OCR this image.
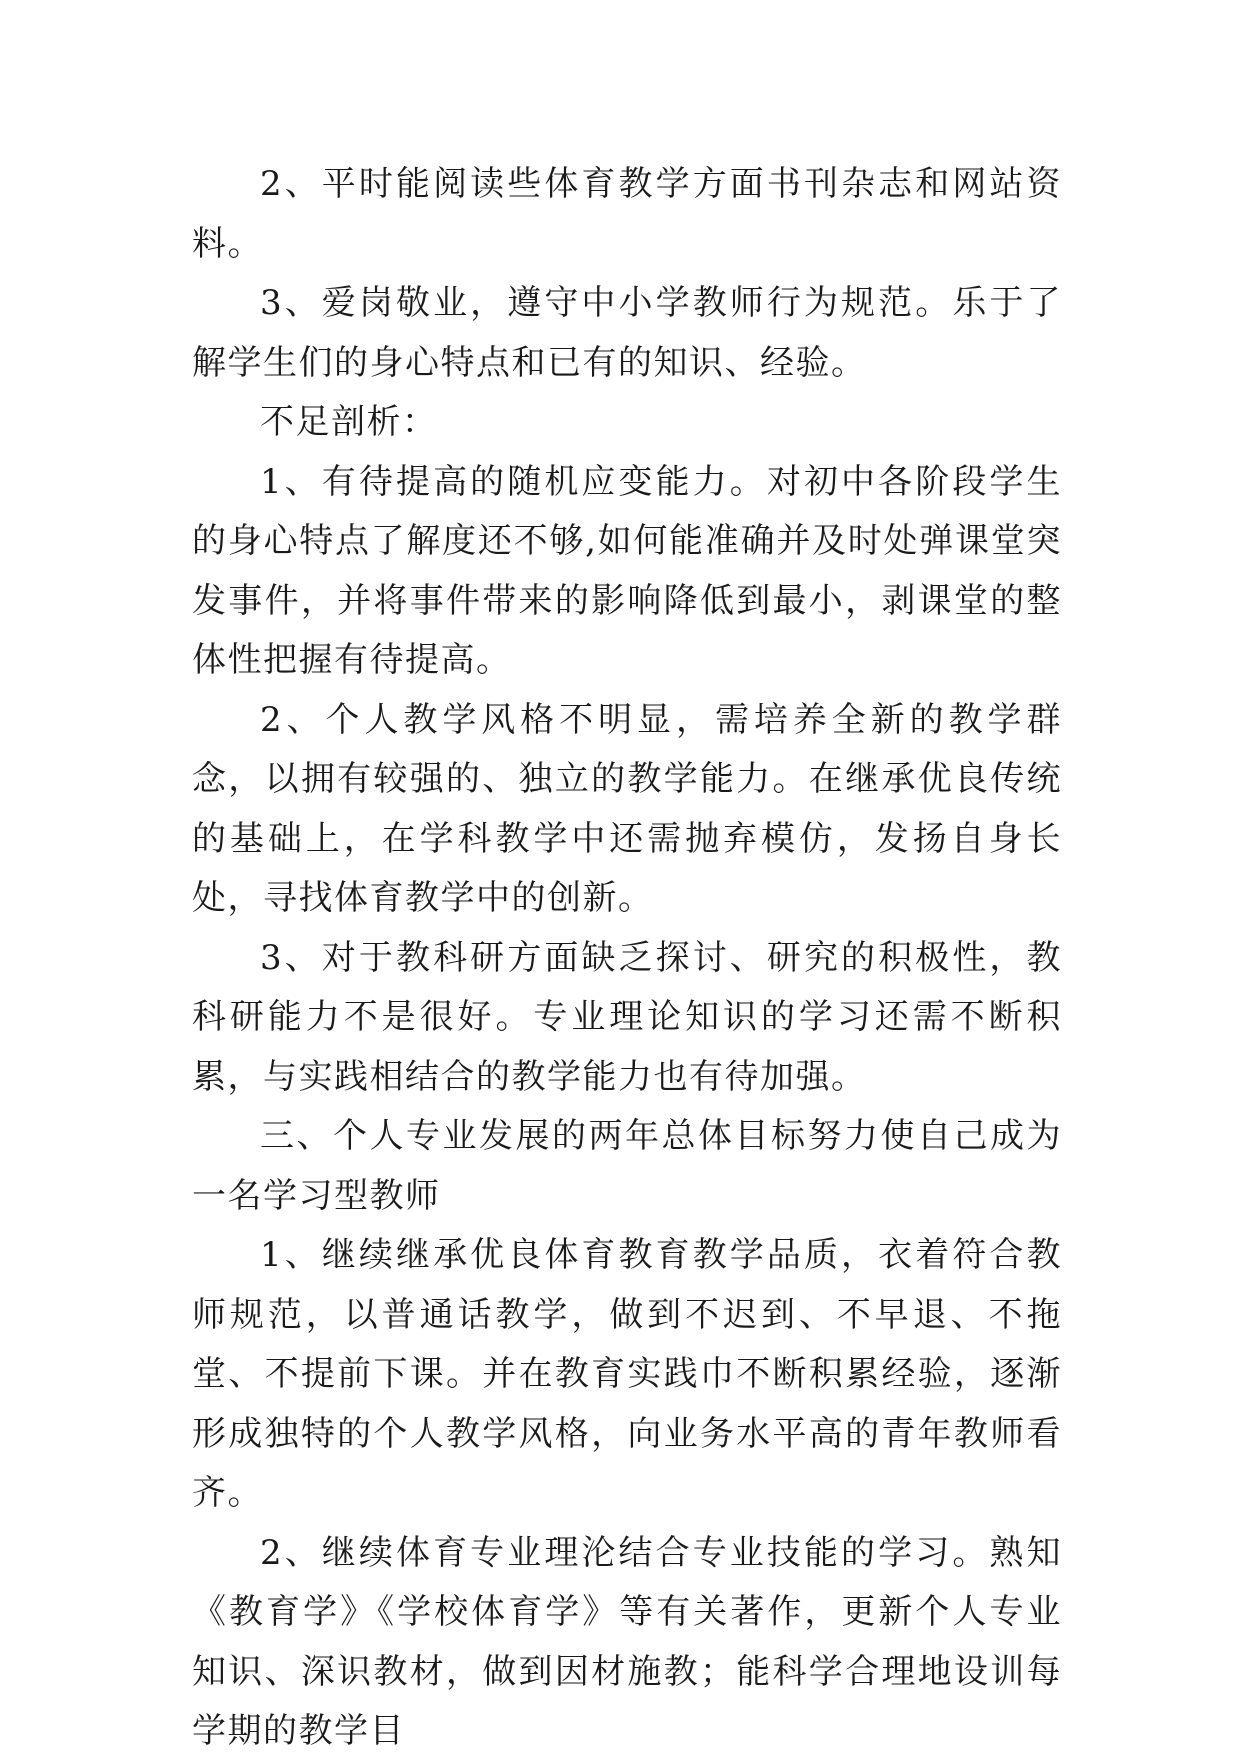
2、平时能阅读些体育教学方面书刊杂志和网站资料。

3、爱岗敬业，遵守中小学教师行为规范。乐于了解学生们的身心特点和已有的知识、经验。

不足剖析：

1、有待提高的随机应变能力。对初中各阶段学生的身心特点了解度还不够,如何能准确并及时处弹课堂突发事件，并将事件带来的影响降低到最小，剥课堂的整体性把握有待提高。

2、个人教学风格不明显，需培养全新的教学群念，以拥有较强的、独立的教学能力。在继承优良传统的基础上，在学科教学中还需抛弃模仿，发扬自身长处，寻找体育教学中的创新。

3、对于教科研方面缺乏探讨、研究的积极性，教科研能力不是很好。专业理论知识的学习还需不断积累，与实践相结合的教学能力也有待加强。

三、个人专业发展的两年总体目标努力使自己成为一名学习型教师

1、继续继承优良体育教育教学品质，衣着符合教师规范，以普通话教学，做到不迟到、不早退、不拖堂、不提前下课。并在教育实践巾不断积累经验，逐渐形成独特的个人教学风格，向业务水平高的青年教师看齐。

2、继续体育专业理沦结合专业技能的学习。熟知《教育学》《学校体育学》等有关著作，更新个人专业知识、深识教材，做到因材施教；能科学合理地设训每学期的教学目
